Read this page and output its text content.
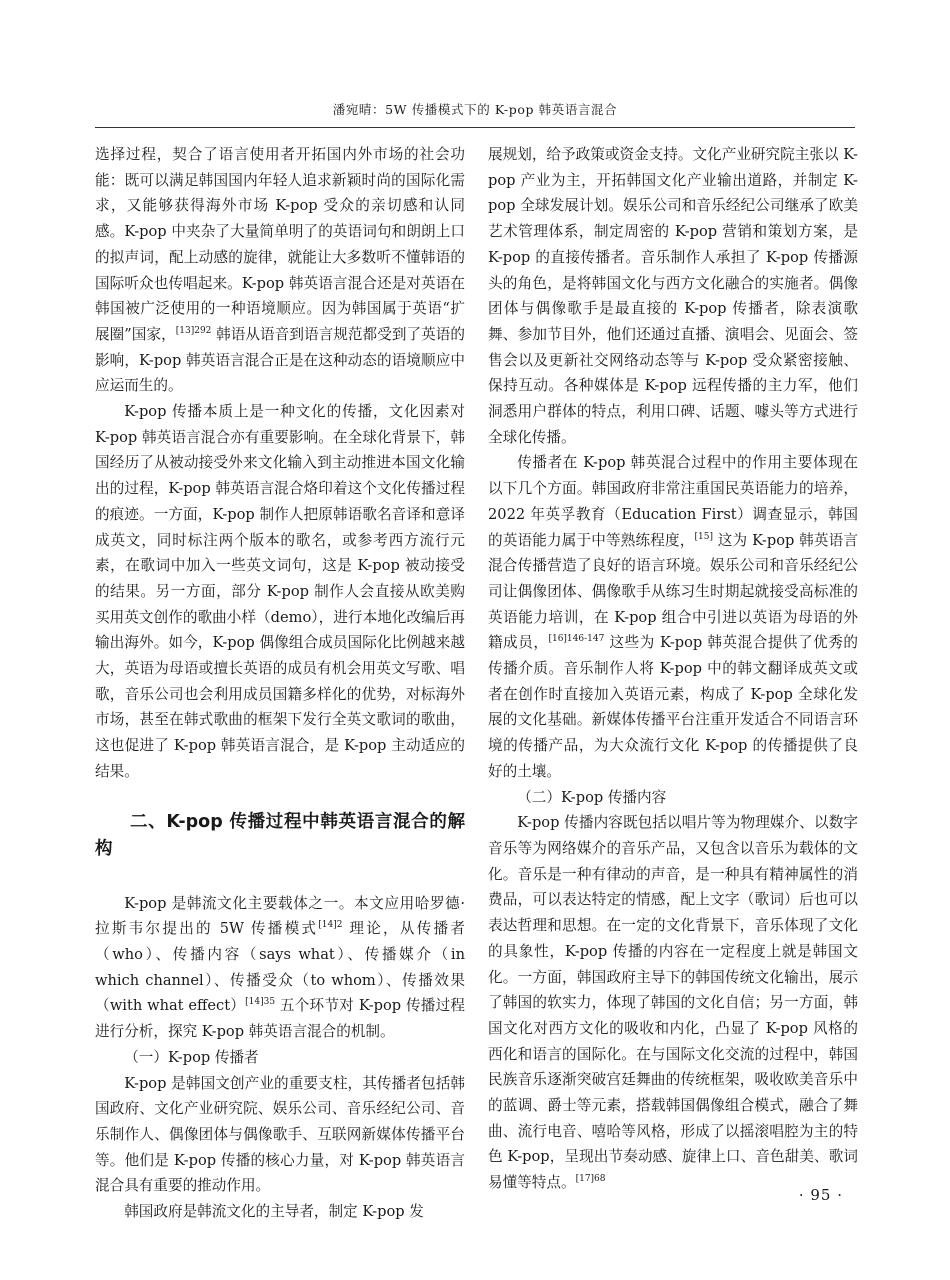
潘宛晴：5W 传播模式下的 K-pop 韩英语言混合

选择过程，契合了语言使用者开拓国内外市场的社会功能：既可以满足韩国国内年轻人追求新颖时尚的国际化需求，又能够获得海外市场 K-pop 受众的亲切感和认同感。K-pop 中夹杂了大量简单明了的英语词句和朗朗上口的拟声词，配上动感的旋律，就能让大多数听不懂韩语的国际听众也传唱起来。K-pop 韩英语言混合还是对英语在韩国被广泛使用的一种语境顺应。因为韩国属于英语“扩展圈”国家，$^{[13]292}$ 韩语从语音到语言规范都受到了英语的影响，K-pop 韩英语言混合正是在这种动态的语境顺应中应运而生的。

K-pop 传播本质上是一种文化的传播，文化因素对 K-pop 韩英语言混合亦有重要影响。在全球化背景下，韩国经历了从被动接受外来文化输入到主动推进本国文化输出的过程，K-pop 韩英语言混合烙印着这个文化传播过程的痕迹。一方面，K-pop 制作人把原韩语歌名音译和意译成英文，同时标注两个版本的歌名，或参考西方流行元素，在歌词中加入一些英文词句，这是 K-pop 被动接受的结果。另一方面，部分 K-pop 制作人会直接从欧美购买用英文创作的歌曲小样（demo），进行本地化改编后再输出海外。如今，K-pop 偶像组合成员国际化比例越来越大，英语为母语或擅长英语的成员有机会用英文写歌、唱歌，音乐公司也会利用成员国籍多样化的优势，对标海外市场，甚至在韩式歌曲的框架下发行全英文歌词的歌曲，这也促进了 K-pop 韩英语言混合，是 K-pop 主动适应的结果。

二、K-pop 传播过程中韩英语言混合的解构

K-pop 是韩流文化主要载体之一。本文应用哈罗德·拉斯韦尔提出的 5W 传播模式$^{[14]2}$ 理论，从传播者（who）、传播内容（says what）、传播媒介（in which channel）、传播受众（to whom）、传播效果（with what effect）$^{[14]35}$ 五个环节对 K-pop 传播过程进行分析，探究 K-pop 韩英语言混合的机制。

（一）K-pop 传播者

K-pop 是韩国文创产业的重要支柱，其传播者包括韩国政府、文化产业研究院、娱乐公司、音乐经纪公司、音乐制作人、偶像团体与偶像歌手、互联网新媒体传播平台等。他们是 K-pop 传播的核心力量，对 K-pop 韩英语言混合具有重要的推动作用。

韩国政府是韩流文化的主导者，制定 K-pop 发

展规划，给予政策或资金支持。文化产业研究院主张以 K-pop 产业为主，开拓韩国文化产业输出道路，并制定 K-pop 全球发展计划。娱乐公司和音乐经纪公司继承了欧美艺术管理体系，制定周密的 K-pop 营销和策划方案，是 K-pop 的直接传播者。音乐制作人承担了 K-pop 传播源头的角色，是将韩国文化与西方文化融合的实施者。偶像团体与偶像歌手是最直接的 K-pop 传播者，除表演歌舞、参加节目外，他们还通过直播、演唱会、见面会、签售会以及更新社交网络动态等与 K-pop 受众紧密接触、保持互动。各种媒体是 K-pop 远程传播的主力军，他们洞悉用户群体的特点，利用口碑、话题、噱头等方式进行全球化传播。

传播者在 K-pop 韩英混合过程中的作用主要体现在以下几个方面。韩国政府非常注重国民英语能力的培养，2022 年英孚教育（Education First）调查显示，韩国的英语能力属于中等熟练程度，[15] 这为 K-pop 韩英语言混合传播营造了良好的语言环境。娱乐公司和音乐经纪公司让偶像团体、偶像歌手从练习生时期起就接受高标准的英语能力培训，在 K-pop 组合中引进以英语为母语的外籍成员，$^{[16]146-147}$ 这些为 K-pop 韩英混合提供了优秀的传播介质。音乐制作人将 K-pop 中的韩文翻译成英文或者在创作时直接加入英语元素，构成了 K-pop 全球化发展的文化基础。新媒体传播平台注重开发适合不同语言环境的传播产品，为大众流行文化 K-pop 的传播提供了良好的土壤。

（二）K-pop 传播内容

K-pop 传播内容既包括以唱片等为物理媒介、以数字音乐等为网络媒介的音乐产品，又包含以音乐为载体的文化。音乐是一种有律动的声音，是一种具有精神属性的消费品，可以表达特定的情感，配上文字（歌词）后也可以表达哲理和思想。在一定的文化背景下，音乐体现了文化的具象性，K-pop 传播的内容在一定程度上就是韩国文化。一方面，韩国政府主导下的韩国传统文化输出，展示了韩国的软实力，体现了韩国的文化自信；另一方面，韩国文化对西方文化的吸收和内化，凸显了 K-pop 风格的西化和语言的国际化。在与国际文化交流的过程中，韩国民族音乐逐渐突破宫廷舞曲的传统框架，吸收欧美音乐中的蓝调、爵士等元素，搭载韩国偶像组合模式，融合了舞曲、流行电音、嘻哈等风格，形成了以摇滚唱腔为主的特色 K-pop，呈现出节奏动感、旋律上口、音色甜美、歌词易懂等特点。$^{[17]68}$

· 95 ·
